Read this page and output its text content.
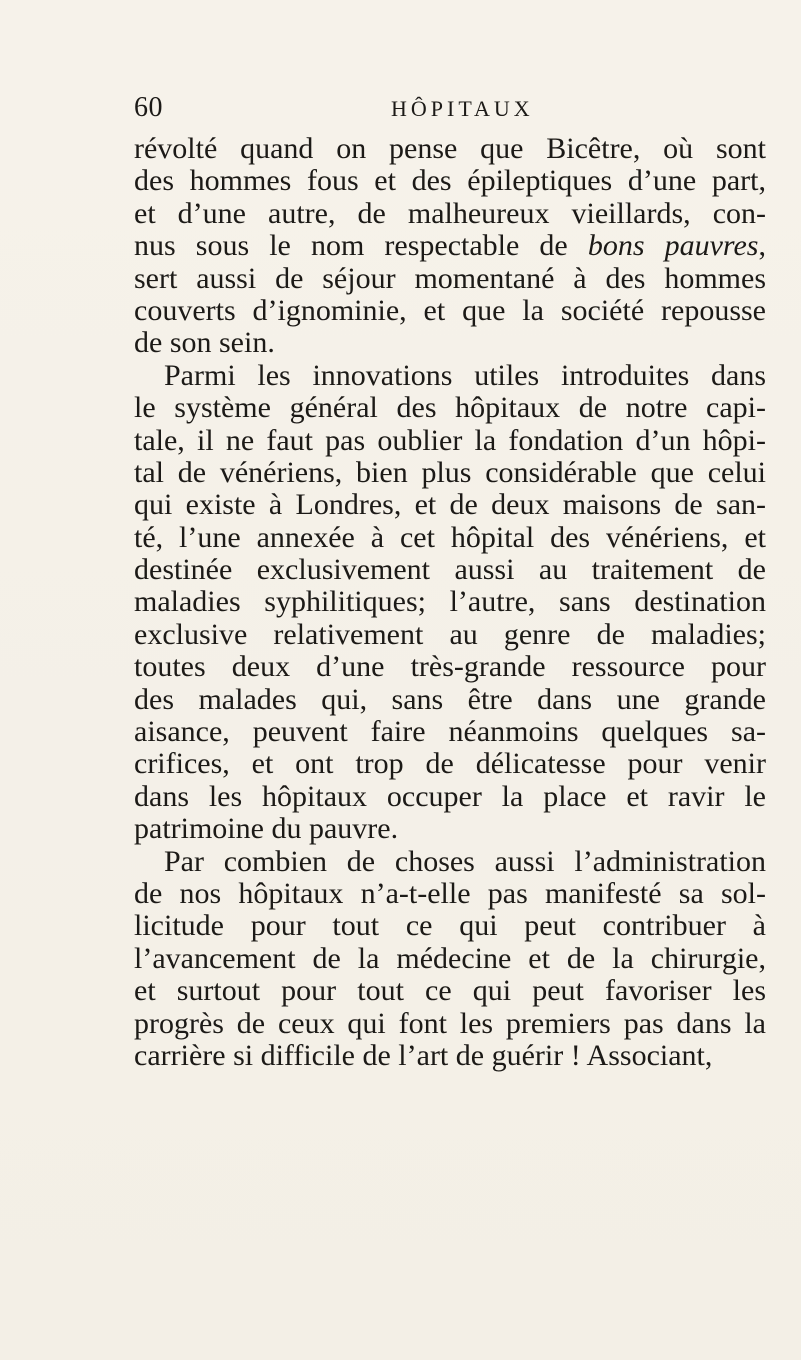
60	HÔPITAUX
révolté quand on pense que Bicêtre, où sont
des hommes fous et des épileptiques d’une part,
et d’une autre, de malheureux vieillards, con-
nus sous le nom respectable de bons pauvres,
sert aussi de séjour momentané à des hommes
couverts d’ignominie, et que la société repousse
de son sein.
Parmi les innovations utiles introduites dans
le système général des hôpitaux de notre capi-
tale, il ne faut pas oublier la fondation d’un hôpi-
tal de vénériens, bien plus considérable que celui
qui existe à Londres, et de deux maisons de san-
té, l’une annexée à cet hôpital des vénériens, et
destinée exclusivement aussi au traitement de
maladies syphilitiques; l’autre, sans destination
exclusive relativement au genre de maladies;
toutes deux d’une très-grande ressource pour
des malades qui, sans être dans une grande
aisance, peuvent faire néanmoins quelques sa-
crifices, et ont trop de délicatesse pour venir
dans les hôpitaux occuper la place et ravir le
patrimoine du pauvre.
Par combien de choses aussi l’administration
de nos hôpitaux n’a-t-elle pas manifesté sa sol-
licitude pour tout ce qui peut contribuer à
l’avancement de la médecine et de la chirurgie,
et surtout pour tout ce qui peut favoriser les
progrès de ceux qui font les premiers pas dans la
carrière si difficile de l’art de guérir ! Associant,
